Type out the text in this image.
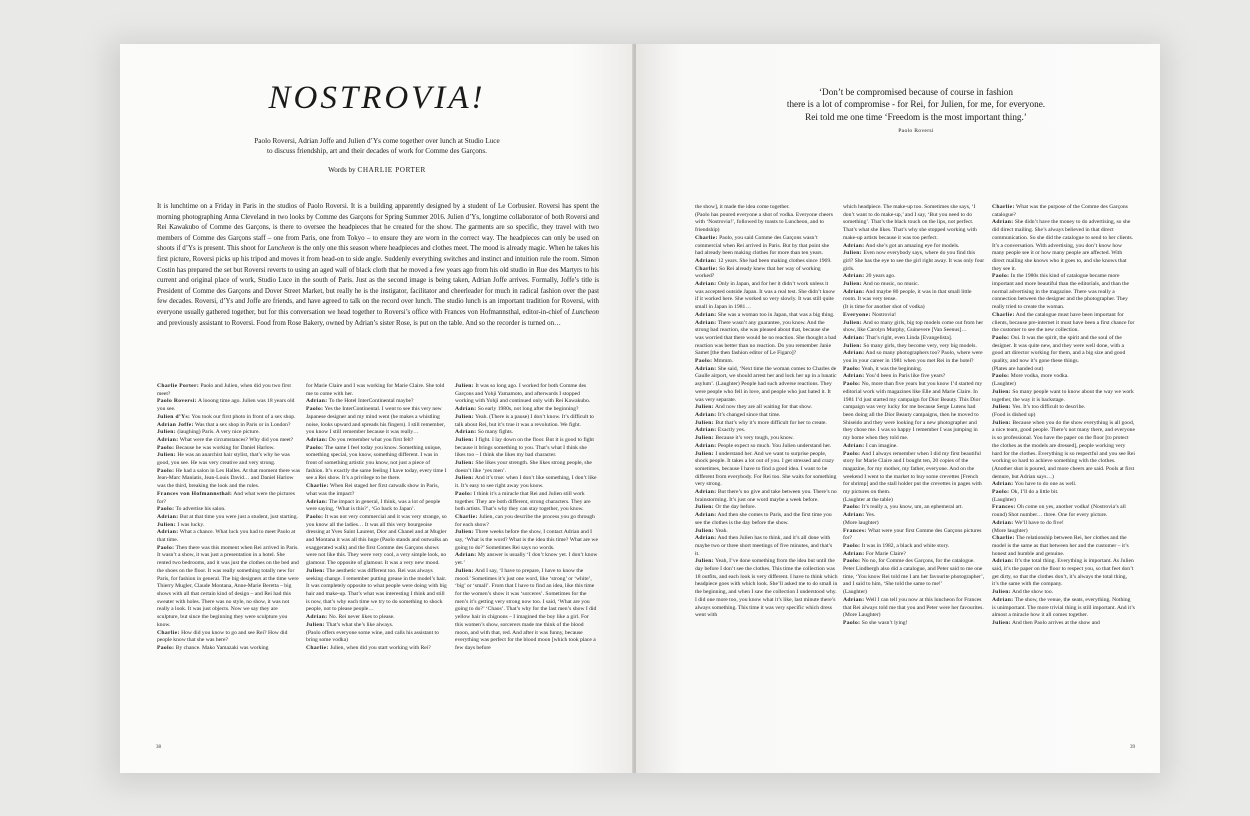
NOSTROVIA!
Paolo Roversi, Adrian Joffe and Julien d’Ys come together over lunch at Studio Luce
to discuss friendship, art and their decades of work for Comme des Garçons.
Words by CHARLIE PORTER
It is lunchtime on a Friday in Paris in the studios of Paolo Roversi. It is a building apparently designed by a student of Le Corbusier. Roversi has spent the morning photographing Anna Cleveland in two looks by Comme des Garçons for Spring Summer 2016. Julien d’Ys, longtime collaborator of both Roversi and Rei Kawakubo of Comme des Garçons, is there to oversee the headpieces that he created for the show. The garments are so specific, they travel with two members of Comme des Garçons staff – one from Paris, one from Tokyo – to ensure they are worn in the correct way. The headpieces can only be used on shoots if d’Ys is present. This shoot for Luncheon is the only one this season where headpieces and clothes meet. The mood is already magic. When he takes his first picture, Roversi picks up his tripod and moves it from head-on to side angle. Suddenly everything switches and instinct and intuition rule the room. Simon Costin has prepared the set but Roversi reverts to using an aged wall of black cloth that he moved a few years ago from his old studio in Rue des Martyrs to his current and original place of work, Studio Luce in the south of Paris. Just as the second image is being taken, Adrian Joffe arrives. Formally, Joffe’s title is President of Comme des Garçons and Dover Street Market, but really he is the instigator, facilitator and cheerleader for much in radical fashion over the past few decades. Roversi, d’Ys and Joffe are friends, and have agreed to talk on the record over lunch. The studio lunch is an important tradition for Roversi, with everyone usually gathered together, but for this conversation we head together to Roversi’s office with Frances von Hofmannsthal, editor-in-chief of Luncheon and previously assistant to Roversi. Food from Rose Bakery, owned by Adrian’s sister Rose, is put on the table. And so the recorder is turned on…

Charlie Porter: Paolo and Julien, when did you two first meet?

Paolo Roversi: A looong time ago. Julien was 18 years old you see.

Julien d’Ys: You took our first photo in front of a sex shop.

Adrian Joffe: Was that a sex shop in Paris or in London?

Julien: (laughing) Paris. A very nice picture.

Adrian: What were the circumstances? Why did you meet?

Paolo: Because he was working for Daniel Harlow.

Julien: He was an anarchist hair stylist, that’s why he was good, you see. He was very creative and very strong.

Paolo: He had a salon in Les Halles. At that moment there was Jean-Marc Maniatis, Jean-Louis David… and Daniel Harlow was the third, breaking the look and the rules.

Frances von Hofmannsthal: And what were the pictures for?

Paolo: To advertise his salon.

Adrian: But at that time you were just a student, just starting.

Julien: I was lucky.

Adrian: What a chance. What luck you had to meet Paolo at that time.

Paolo: Then there was this moment when Rei arrived in Paris. It wasn’t a show, it was just a presentation in a hotel. She rented two bedrooms, and it was just the clothes on the bed and the shoes on the floor. It was really something totally new for Paris, for fashion in general. The big designers at the time were Thierry Mugler, Claude Montana, Anne-Marie Beretta – big shows with all that certain kind of design – and Rei had this sweater with holes. There was no style, no show, it was not really a look. It was just objects. Now we say they are sculpture, but since the beginning they were sculpture you know.

Charlie: How did you know to go and see Rei? How did people know that she was here?

Paolo: By chance. Mako Yamazaki was working

for Marie Claire and I was working for Marie Claire. She told me to come with her.

Adrian: To the Hotel InterContinental maybe?

Paolo: Yes the InterContinental. I went to see this very new Japanese designer and my mind went (he makes a whistling noise, looks upward and spreads his fingers). I still remember, you know I still remember because it was really…

Adrian: Do you remember what you first felt?

Paolo: The same I feel today you know. Something unique, something special, you know, something different. I was in front of something artistic you know, not just a piece of fashion. It’s exactly the same feeling I have today, every time I see a Rei show. It’s a privilege to be there.

Charlie: When Rei staged her first catwalk show in Paris, what was the impact?

Adrian: The impact in general, I think, was a lot of people were saying, ‘What is this?’, ‘Go back to Japan’.

Paolo: It was not very commercial and it was very strange, so you know all the ladies… It was all this very bourgeoise dressing at Yves Saint Laurent, Dior and Chanel and at Mugler and Montana it was all this huge (Paolo stands and outwalks an exaggerated walk) and the first Comme des Garçons shows were not like this. They were very cool, a very simple look, no glamour. The opposite of glamour. It was a very new mood.

Julien: The aesthetic was different too. Rei was always seeking change. I remember putting grease in the model’s hair. It was completely opposite to what people were doing with big hair and make-up. That’s what was interesting I think and still is now, that’s why each time we try to do something to shock people, not to please people…

Adrian: No. Rei never likes to please.

Julien: That’s what she’s like always.

(Paolo offers everyone some wine, and calls his assistant to bring some vodka)

Charlie: Julien, when did you start working with Rei?

Julien: It was so long ago. I worked for both Comme des Garçons and Yohji Yamamoto, and afterwards I stopped working with Yohji and continued only with Rei Kawakubo.

Adrian: So early 1980s, not long after the beginning?

Julien: Yeah. (There is a pause) I don’t know. It’s difficult to talk about Rei, but it’s true it was a revolution. We fight.

Adrian: So many fights.

Julien: I fight. I lay down on the floor. But it is good to fight because it brings something to you. That’s what I think she likes too – I think she likes my bad character.

Julien: She likes your strength. She likes strong people, she doesn’t like ‘yes men’.

Julien: And it’s true: when I don’t like something, I don’t like it. It’s easy to see right away you know.

Paolo: I think it’s a miracle that Rei and Julien still work together. They are both different, strong characters. They are both artists. That’s why they can stay together, you know.

Charlie: Julien, can you describe the process you go through for each show?

Julien: Three weeks before the show, I contact Adrian and I say, ‘What is the word? What is the idea this time? What are we going to do?’ Sometimes Rei says no words.

Adrian: My answer is usually ‘I don’t know yet. I don’t know yet.’

Julien: And I say, ‘I have to prepare, I have to know the mood.’ Sometimes it’s just one word, like ‘strong’ or ‘white’, ‘big’ or ‘small’. From that I have to find an idea, like this time for the women’s show it was ‘sorceres’. Sometimes for the men’s it’s getting very strong now too. I said, ‘What are you going to do?’ ‘Chaos’. That’s why for the last men’s show I did yellow hair in chignons – I imagined the boy like a girl. For this women’s show, sorcerers made me think of the blood moon, and with that, red. And after it was funny, because everything was perfect for the blood moon [which took place a few days before

38
‘Don’t be compromised because of course in fashion
there is a lot of compromise - for Rei, for Julien, for me, for everyone.
Rei told me one time ‘Freedom is the most important thing.’
Paolo Roversi

the show], it made the idea come together.

(Paolo has poured everyone a shot of vodka. Everyone cheers with ‘Nostrovia!’, followed by toasts to Luncheon, and to friendship)

Charlie: Paolo, you said Comme des Garçons wasn’t commercial when Rei arrived in Paris. But by that point she had already been making clothes for more than ten years.

Adrian: 12 years. She had been making clothes since 1969.

Charlie: So Rei already knew that her way of working worked?

Adrian: Only in Japan, and for her it didn’t work unless it was accepted outside Japan. It was a real test. She didn’t know if it worked here. She worked so very slowly. It was still quite small in Japan in 1981…

Adrian: She was a woman too in Japan, that was a big thing.

Adrian: There wasn’t any guarantee, you know. And the strong bad reaction, she was pleased about that, because she was worried that there would be no reaction. She thought a bad reaction was better than no reaction. Do you remember Janie Samet [the then fashion editor of Le Figaro]?

Paolo: Mmmm.

Adrian: She said, ‘Next time the woman comes to Charles de Gaulle airport, we should arrest her and lock her up in a lunatic asylum’. (Laughter) People had such adverse reactions. They were people who fell in love, and people who just hated it. It was very separate.

Julien: And now they are all waiting for that show.

Adrian: It’s changed since that time.

Julien: But that’s why it’s more difficult for her to create.

Adrian: Exactly yes.

Julien: Because it’s very tough, you know.

Adrian: People expect so much. You Julien understand her.

Julien: I understand her. And we want to surprise people, shock people. It takes a lot out of you. I get stressed and crazy sometimes, because I have to find a good idea. I want to be different from everybody. For Rei too. She waits for something very strong.

Adrian: But there’s no give and take between you. There’s no brainstorming. It’s just one word maybe a week before.

Julien: Or the day before.

Adrian: And then she comes to Paris, and the first time you see the clothes is the day before the show.

Julien: Yeah.

Adrian: And then Julien has to think, and it’s all done with maybe two or three short meetings of five minutes, and that’s it.

Julien: Yeah, I’ve done something from the idea but until the day before I don’t see the clothes. This time the collection was 18 outfits, and each look is very different. I have to think which headpiece goes with which look. She’ll asked me to do small in the beginning, and when I saw the collection I understood why. I did one more too, you know what it’s like, last minute there’s always something. This time it was very specific which dress went with

which headpiece. The make-up too. Sometimes she says, ‘I don’t want to do make-up,’ and I say, ‘But you need to do something’. That’s the black touch on the lips, not perfect. That’s what she likes. That’s why she stopped working with make-up artists because it was too perfect.

Adrian: And she’s got an amazing eye for models.

Julien: Even now everybody says, where do you find this girl? She has the eye to see the girl right away. It was only four girls.

Adrian: 20 years ago.

Julien: And no music, no music.

Adrian: And maybe 80 people, it was in that small little room. It was very tense.

(It is time for another shot of vodka)

Everyone: Nostrovia!

Julien: And so many girls, big top models come out from her show, like Carolyn Murphy, Guinevere [Van Seenus]…

Adrian: That’s right, even Linda [Evangelista].

Julien: So many girls, they become very, very big models.

Adrian: And so many photographers too? Paolo, where were you in your career in 1981 when you met Rei in the hotel?

Paolo: Yeah, it was the beginning.

Adrian: You’d been in Paris like five years?

Paolo: No, more than five years but you know I’d started my editorial work with magazines like Elle and Marie Claire. In 1981 I’d just started my campaign for Dior Beauty. This Dior campaign was very lucky for me because Serge Lutens had been doing all the Dior Beauty campaigns, then he moved to Shiseido and they were looking for a new photographer and they chose me. I was so happy I remember I was jumping in my home when they told me.

Adrian: I can imagine.

Paolo: And I always remember when I did my first beautiful story for Marie Claire and I bought ten, 20 copies of the magazine, for my mother, my father, everyone. And on the weekend I went to the market to buy some crevettes [French for shrimp] and the stall holder put the crevettes in pages with my pictures on them.

(Laughter at the table)

Paolo: It’s really a, you know, um, an ephemeral art.

Adrian: Yes.

(More laughter)

Frances: What were your first Comme des Garçons pictures for?

Paolo: It was in 1982, a black and white story.

Adrian: For Marie Claire?

Paolo: No no, for Comme des Garçons, for the catalogue. Peter Lindbergh also did a catalogue, and Peter said to me one time, ‘You know Rei told me I am her favourite photographer’, and I said to him, ‘She told the same to me!’

(Laughter)

Adrian: Well I can tell you now at this luncheon for Frances that Rei always told me that you and Peter were her favourites.

(More Laughter)

Paolo: So she wasn’t lying!

Charlie: What was the purpose of the Comme des Garçons catalogue?

Adrian: She didn’t have the money to do advertising, so she did direct mailing. She’s always believed in that direct communication. So she did the catalogue to send to her clients. It’s a conversation. With advertising, you don’t know how many people see it or how many people are affected. With direct mailing she knows who it goes to, and she knows that they see it.

Paolo: In the 1980s this kind of catalogue became more important and more beautiful than the editorials, and than the normal advertising in the magazine. There was really a connection between the designer and the photographer. They really tried to create the woman.

Charlie: And the catalogue must have been important for clients, because pre-internet it must have been a first chance for the customer to see the new collection.

Paolo: Oui. It was the spirit, the spirit and the soul of the designer. It was quite new, and they were well done, with a good art director working for them, and a big size and good quality, and now it’s gone these things.

(Plates are handed out)

Paolo: More vodka, more vodka.

(Laughter)

Julien: So many people want to know about the way we work together, the way it is backstage.

Julien: Yes. It’s too difficult to describe.

(Food is dished up)

Julien: Because when you do the show everything is all good, a nice team, good people. There’s not many there, and everyone is so professional. You have the paper on the floor [to protect the clothes as the models are dressed], people working very hard for the clothes. Everything is so respectful and you see Rei working so hard to achieve something with the clothes.

(Another shot is poured, and more cheers are said. Pools at first demure, but Adrian says…)

Adrian: You have to do one as well.

Paolo: Ok, I’ll do a little bit.

(Laughter)

Frances: Oh come on yes, another vodka! (Nostrovia’s all round) Shot number… three. One for every picture.

Adrian: We’ll have to do five!

(More laughter)

Charlie: The relationship between Rei, her clothes and the model is the same as that between her and the customer – it’s honest and humble and genuine.

Adrian: It’s the total thing. Everything is important. As Julien said, it’s the paper on the floor to respect you, so that feet don’t get dirty, so that the clothes don’t, it’s always the total thing, it’s the same with the company.

Julien: And the show too.

Adrian: The show, the venue, the seats, everything. Nothing is unimportant. The more trivial thing is still important. And it’s almost a miracle how it all comes together.

Julien: And then Paolo arrives at the show and

39
